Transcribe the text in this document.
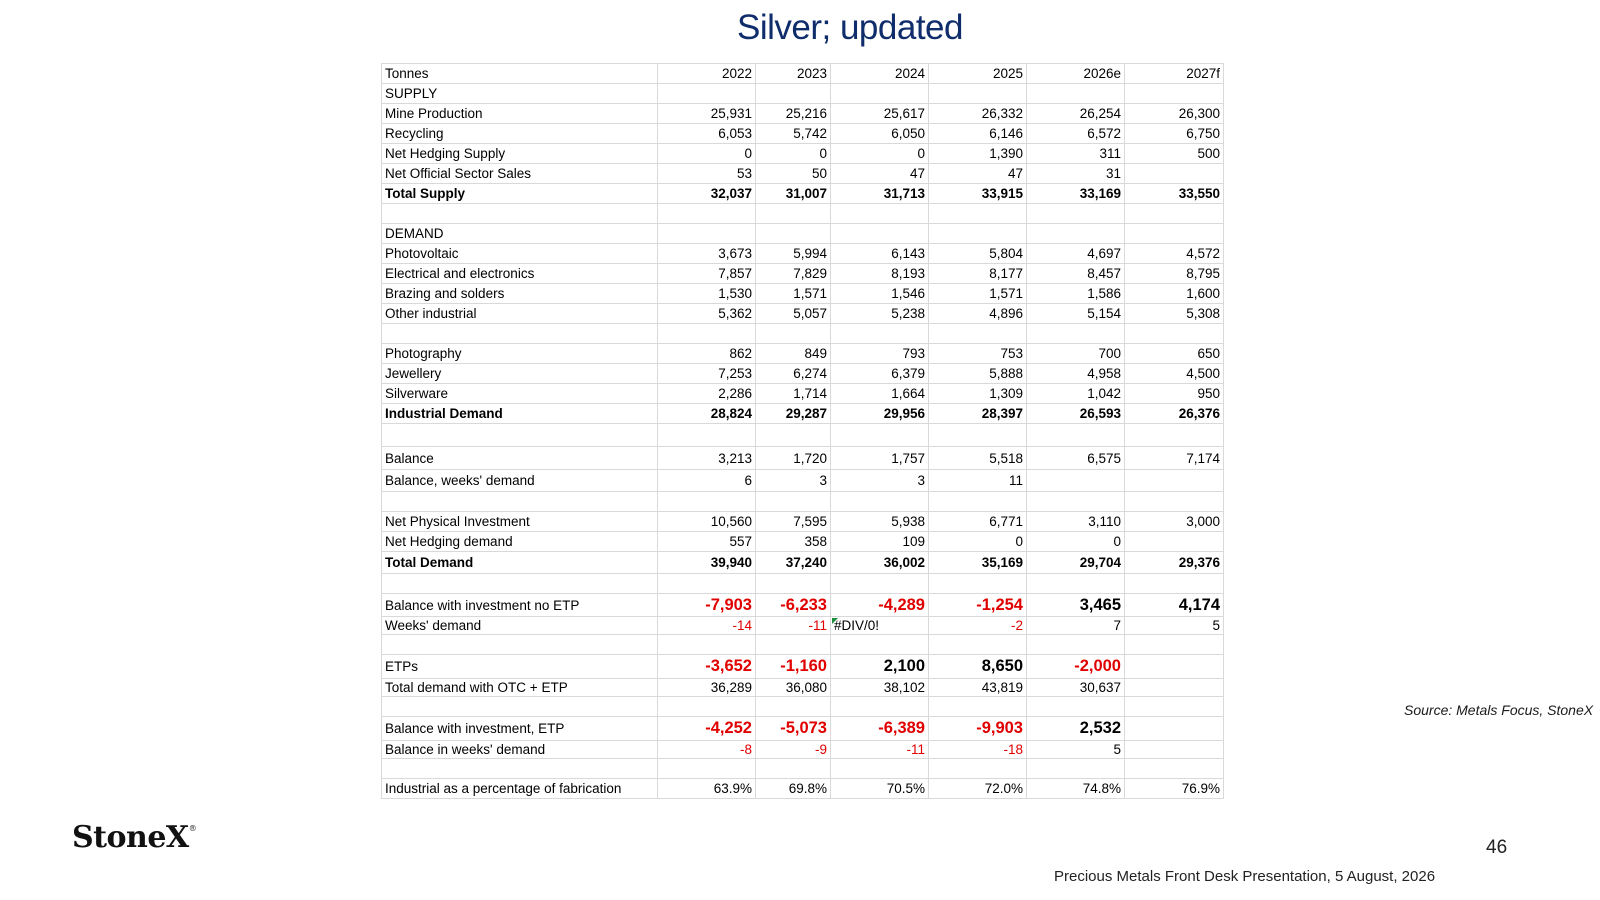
Silver; updated
Tonnes	2022	2023	2024	2025	2026e	2027f
SUPPLY						
Mine Production	25,931	25,216	25,617	26,332	26,254	26,300
Recycling	6,053	5,742	6,050	6,146	6,572	6,750
Net Hedging Supply	0	0	0	1,390	311	500
Net Official Sector Sales	53	50	47	47	31	
Total Supply	32,037	31,007	31,713	33,915	33,169	33,550

DEMAND						
Photovoltaic	3,673	5,994	6,143	5,804	4,697	4,572
Electrical and electronics	7,857	7,829	8,193	8,177	8,457	8,795
Brazing and solders	1,530	1,571	1,546	1,571	1,586	1,600
Other industrial	5,362	5,057	5,238	4,896	5,154	5,308

Photography	862	849	793	753	700	650
Jewellery	7,253	6,274	6,379	5,888	4,958	4,500
Silverware	2,286	1,714	1,664	1,309	1,042	950
Industrial Demand	28,824	29,287	29,956	28,397	26,593	26,376

Balance	3,213	1,720	1,757	5,518	6,575	7,174
Balance, weeks' demand	6	3	3	11		

Net Physical Investment	10,560	7,595	5,938	6,771	3,110	3,000
Net Hedging demand	557	358	109	0	0	
Total Demand	39,940	37,240	36,002	35,169	29,704	29,376

Balance with investment no ETP	-7,903	-6,233	-4,289	-1,254	3,465	4,174
Weeks' demand	-14	-11	#DIV/0!	-2	7	5

ETPs	-3,652	-1,160	2,100	8,650	-2,000	
Total demand with OTC + ETP	36,289	36,080	38,102	43,819	30,637	

Balance with investment, ETP	-4,252	-5,073	-6,389	-9,903	2,532	
Balance in weeks' demand	-8	-9	-11	-18	5	

Industrial as a percentage of fabrication	63.9%	69.8%	70.5%	72.0%	74.8%	76.9%
Source: Metals Focus, StoneX
StoneX®
46
Precious Metals Front Desk Presentation, 5 August, 2026
